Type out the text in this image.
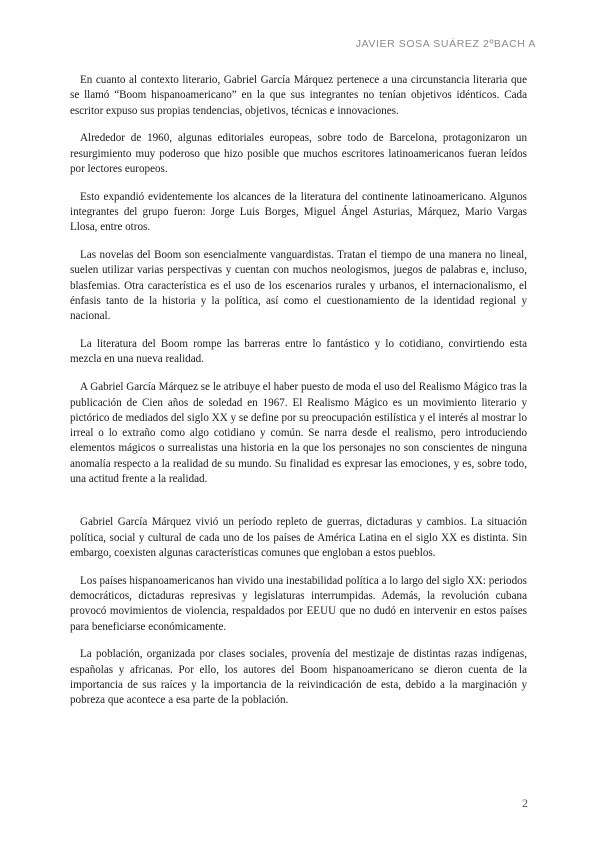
JAVIER SOSA SUÁREZ 2ºBACH A

En cuanto al contexto literario, Gabriel García Márquez pertenece a una circunstancia literaria que se llamó “Boom hispanoamericano” en la que sus integrantes no tenían objetivos idénticos. Cada escritor expuso sus propias tendencias, objetivos, técnicas e innovaciones.

Alrededor de 1960, algunas editoriales europeas, sobre todo de Barcelona, protagonizaron un resurgimiento muy poderoso que hizo posible que muchos escritores latinoamericanos fueran leídos por lectores europeos.

Esto expandió evidentemente los alcances de la literatura del continente latinoamericano. Algunos integrantes del grupo fueron: Jorge Luis Borges, Miguel Ángel Asturias, Márquez, Mario Vargas Llosa, entre otros.

Las novelas del Boom son esencialmente vanguardistas. Tratan el tiempo de una manera no lineal, suelen utilizar varias perspectivas y cuentan con muchos neologismos, juegos de palabras e, incluso, blasfemias. Otra característica es el uso de los escenarios rurales y urbanos, el internacionalismo, el énfasis tanto de la historia y la política, así como el cuestionamiento de la identidad regional y nacional.

La literatura del Boom rompe las barreras entre lo fantástico y lo cotidiano, convirtiendo esta mezcla en una nueva realidad.

A Gabriel García Márquez se le atribuye el haber puesto de moda el uso del Realismo Mágico tras la publicación de Cien años de soledad en 1967. El Realismo Mágico es un movimiento literario y pictórico de mediados del siglo XX y se define por su preocupación estilística y el interés al mostrar lo irreal o lo extraño como algo cotidiano y común. Se narra desde el realismo, pero introduciendo elementos mágicos o surrealistas una historia en la que los personajes no son conscientes de ninguna anomalía respecto a la realidad de su mundo. Su finalidad es expresar las emociones, y es, sobre todo, una actitud frente a la realidad.

Gabriel García Márquez vivió un período repleto de guerras, dictaduras y cambios. La situación política, social y cultural de cada uno de los países de América Latina en el siglo XX es distinta. Sin embargo, coexisten algunas características comunes que engloban a estos pueblos.

Los países hispanoamericanos han vivido una inestabilidad política a lo largo del siglo XX: periodos democráticos, dictaduras represivas y legislaturas interrumpidas. Además, la revolución cubana provocó movimientos de violencia, respaldados por EEUU que no dudó en intervenir en estos países para beneficiarse económicamente.

La población, organizada por clases sociales, provenía del mestizaje de distintas razas indígenas, españolas y africanas. Por ello, los autores del Boom hispanoamericano se dieron cuenta de la importancia de sus raíces y la importancia de la reivindicación de esta, debido a la marginación y pobreza que acontece a esa parte de la población.

2
